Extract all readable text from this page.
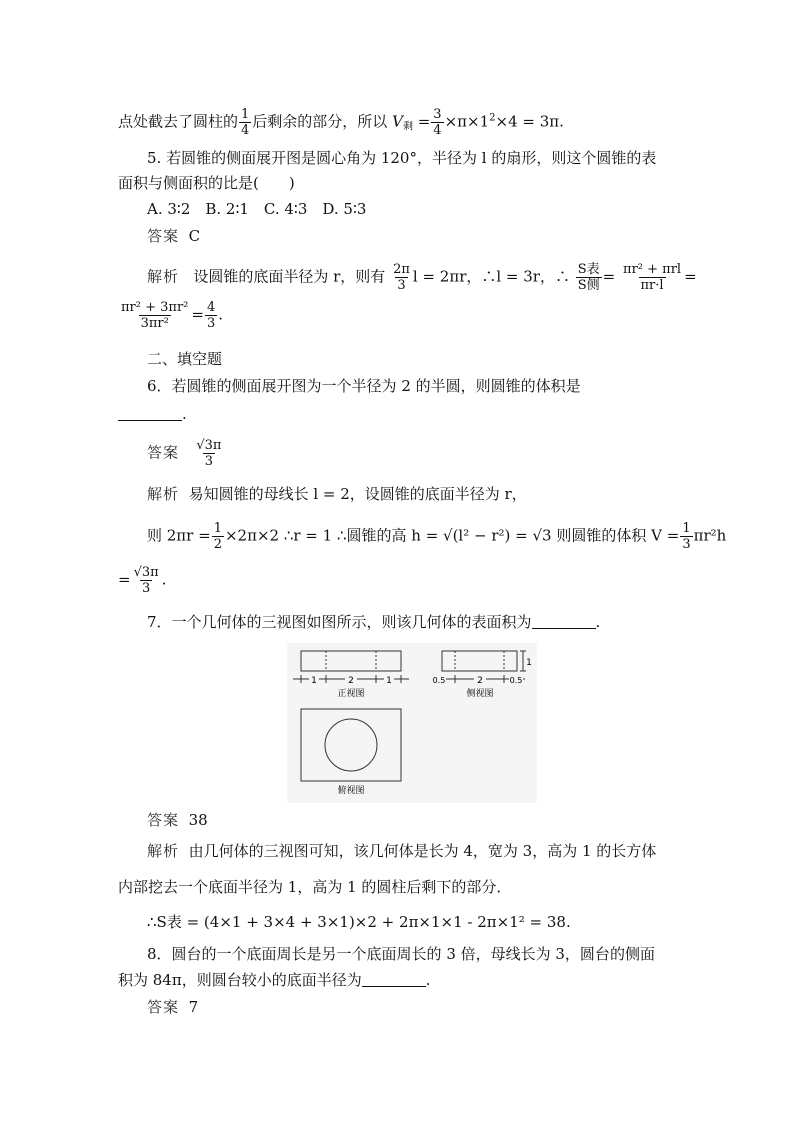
点处截去了圆柱的 $\frac{1}{4}$ 后剩余的部分，所以 $V_剩 = \frac{3}{4} \times\pi\times 1^2\times 4 = 3\pi$.
5. 若圆锥的侧面展开图是圆心角为 120°，半径为 l 的扇形，则这个圆锥的表
面积与侧面积的比是(　　)
A. 3∶2　B. 2∶1　C. 4∶3　D. 5∶3
答案 C
解析 设圆锥的底面半径为 r，则有 $\frac{2\pi}{3}$ l = 2πr，∴l = 3r，∴ $\frac{\text{S表}}{\text{S侧}} = \frac{\text{πr² + πrl}}{\pi r\cdot l}$ =
$\frac{\text{πr² + 3πr²}}{\text{3πr²}} = \frac{4}{3}$ .
二、填空题
6．若圆锥的侧面展开图为一个半径为 2 的半圆，则圆锥的体积是
.
答案 $\frac{√3\pi}{3}$
解析 易知圆锥的母线长 l = 2，设圆锥的底面半径为 r，
则 $2\pi r = \frac{1}{2} \times 2\pi\times 2$ ∴r = 1 ∴圆锥的高 h = √(l² − r²) = √3 则圆锥的体积 $V = \frac{1}{3} \pi r^2h$
= $\frac{√3\pi}{3}$ .
7．一个几何体的三视图如图所示，则该几何体的表面积为	.
1	2	1
正视图
1
0.5	2	0.5
侧视图
俯视图
答案 38
解析 由几何体的三视图可知，该几何体是长为 4，宽为 3，高为 1 的长方体
内部挖去一个底面半径为 1，高为 1 的圆柱后剩下的部分．
∴S表 = (4×1 + 3×4 + 3×1)×2 + 2π×1×1 - 2π×1² = 38.
8．圆台的一个底面周长是另一个底面周长的 3 倍，母线长为 3，圆台的侧面
积为 84π，则圆台较小的底面半径为	.
答案 7
